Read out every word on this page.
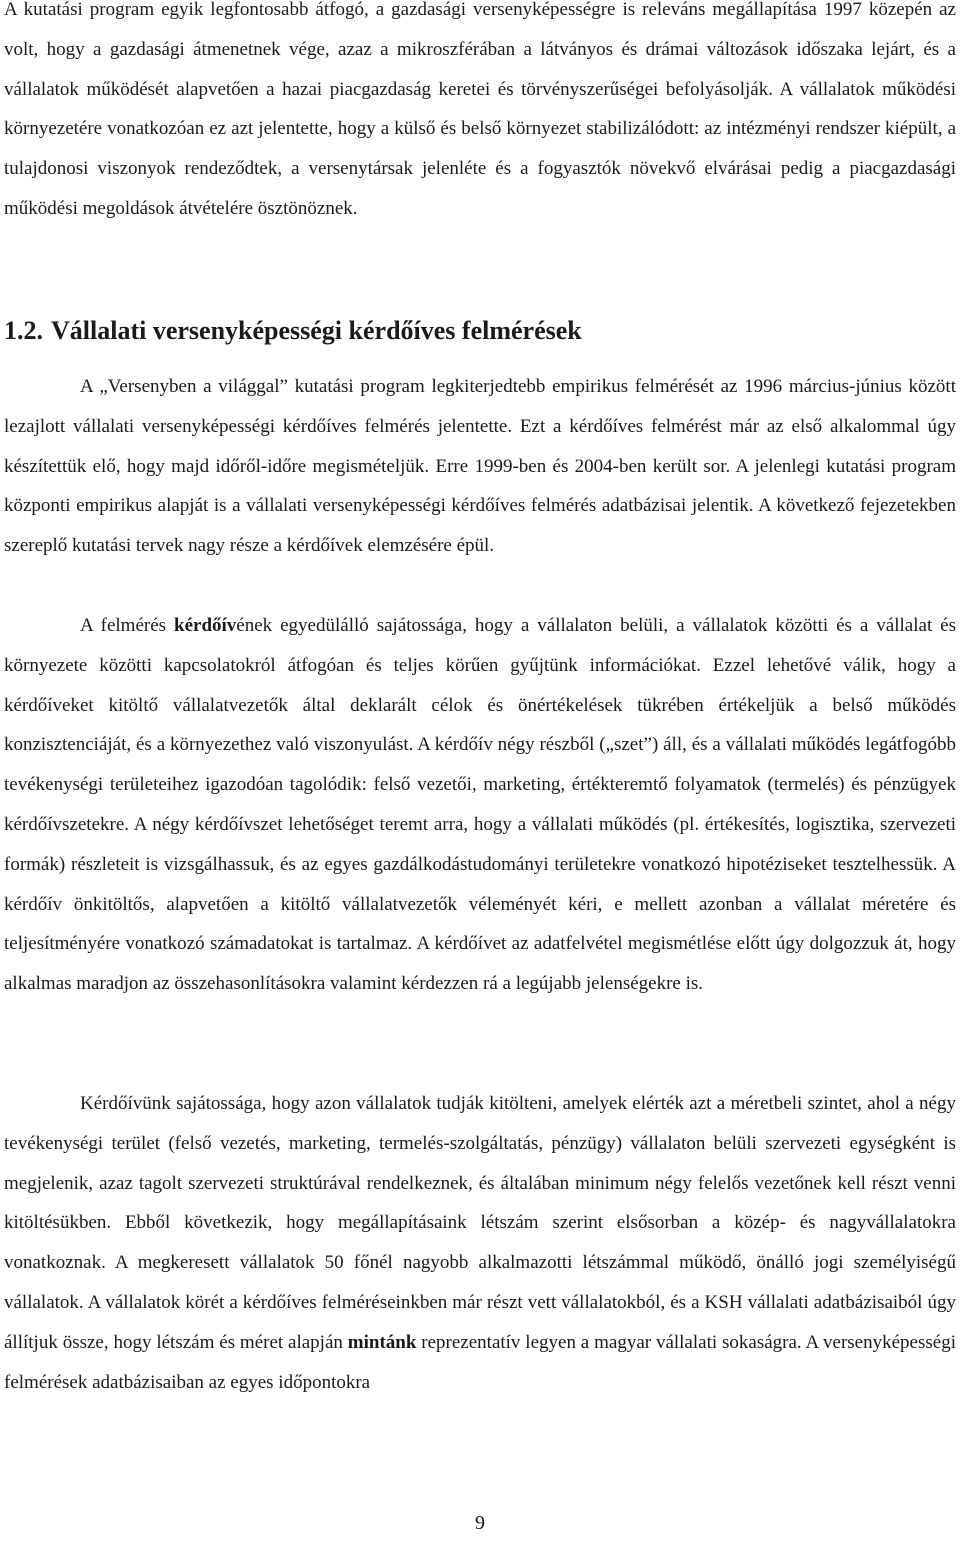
A kutatási program egyik legfontosabb átfogó, a gazdasági versenyképességre is releváns megállapítása 1997 közepén az volt, hogy a gazdasági átmenetnek vége, azaz a mikroszférában a látványos és drámai változások időszaka lejárt, és a vállalatok működését alapvetően a hazai piacgazdaság keretei és törvényszerűségei befolyásolják. A vállalatok működési környezetére vonatkozóan ez azt jelentette, hogy a külső és belső környezet stabilizálódott: az intézményi rendszer kiépült, a tulajdonosi viszonyok rendeződtek, a versenytársak jelenléte és a fogyasztók növekvő elvárásai pedig a piacgazdasági működési megoldások átvételére ösztönöznek.

1.2. Vállalati versenyképességi kérdőíves felmérések

A „Versenyben a világgal” kutatási program legkiterjedtebb empirikus felmérését az 1996 március-június között lezajlott vállalati versenyképességi kérdőíves felmérés jelentette. Ezt a kérdőíves felmérést már az első alkalommal úgy készítettük elő, hogy majd időről-időre megismételjük. Erre 1999-ben és 2004-ben került sor. A jelenlegi kutatási program központi empirikus alapját is a vállalati versenyképességi kérdőíves felmérés adatbázisai jelentik. A következő fejezetekben szereplő kutatási tervek nagy része a kérdőívek elemzésére épül.

A felmérés kérdőívének egyedülálló sajátossága, hogy a vállalaton belüli, a vállalatok közötti és a vállalat és környezete közötti kapcsolatokról átfogóan és teljes körűen gyűjtünk információkat. Ezzel lehetővé válik, hogy a kérdőíveket kitöltő vállalatvezetők által deklarált célok és önértékelések tükrében értékeljük a belső működés konzisztenciáját, és a környezethez való viszonyulást. A kérdőív négy részből („szet”) áll, és a vállalati működés legátfogóbb tevékenységi területeihez igazodóan tagolódik: felső vezetői, marketing, értékteremtő folyamatok (termelés) és pénzügyek kérdőívszetekre. A négy kérdőívszet lehetőséget teremt arra, hogy a vállalati működés (pl. értékesítés, logisztika, szervezeti formák) részleteit is vizsgálhassuk, és az egyes gazdálkodástudományi területekre vonatkozó hipotéziseket tesztelhessük. A kérdőív önkitöltős, alapvetően a kitöltő vállalatvezetők véleményét kéri, e mellett azonban a vállalat méretére és teljesítményére vonatkozó számadatokat is tartalmaz. A kérdőívet az adatfelvétel megismétlése előtt úgy dolgozzuk át, hogy alkalmas maradjon az összehasonlításokra valamint kérdezzen rá a legújabb jelenségekre is.

Kérdőívünk sajátossága, hogy azon vállalatok tudják kitölteni, amelyek elérték azt a méretbeli szintet, ahol a négy tevékenységi terület (felső vezetés, marketing, termelés-szolgáltatás, pénzügy) vállalaton belüli szervezeti egységként is megjelenik, azaz tagolt szervezeti struktúrával rendelkeznek, és általában minimum négy felelős vezetőnek kell részt venni kitöltésükben. Ebből következik, hogy megállapításaink létszám szerint elsősorban a közép- és nagyvállalatokra vonatkoznak. A megkeresett vállalatok 50 főnél nagyobb alkalmazotti létszámmal működő, önálló jogi személyiségű vállalatok. A vállalatok körét a kérdőíves felméréseinkben már részt vett vállalatokból, és a KSH vállalati adatbázisaiból úgy állítjuk össze, hogy létszám és méret alapján mintánk reprezentatív legyen a magyar vállalati sokaságra. A versenyképességi felmérések adatbázisaiban az egyes időpontokra

9
